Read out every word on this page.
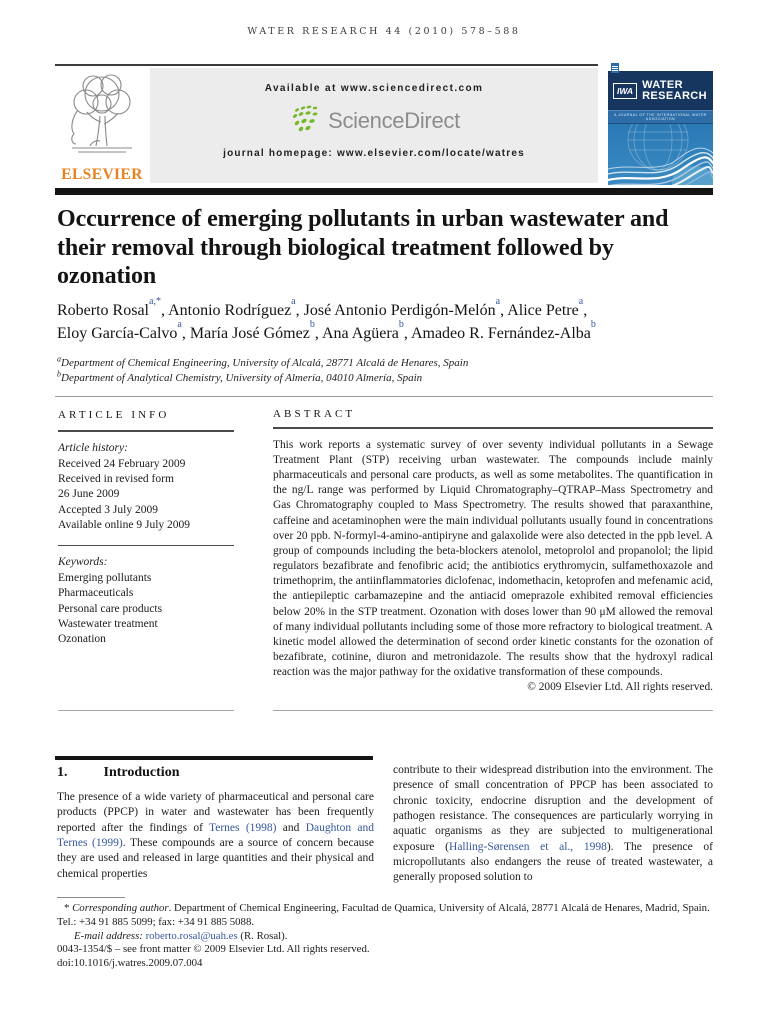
WATER RESEARCH 44 (2010) 578–588
ELSEVIER
Available at www.sciencedirect.com
ScienceDirect
journal homepage: www.elsevier.com/locate/watres
IWA
WATER
RESEARCH
A JOURNAL OF THE INTERNATIONAL WATER ASSOCIATION
Occurrence of emerging pollutants in urban wastewater and their removal through biological treatment followed by ozonation
Roberto Rosal$^{a,*}$, Antonio Rodríguez$^a$, José Antonio Perdigón-Melón$^a$, Alice Petre$^a$,
Eloy García-Calvo$^a$, María José Gómez$^b$, Ana Agüera$^b$, Amadeo R. Fernández-Alba$^b$
$^a$Department of Chemical Engineering, University of Alcalá, 28771 Alcalá de Henares, Spain
$^b$Department of Analytical Chemistry, University of Almería, 04010 Almería, Spain
ARTICLE INFO
Article history:
Received 24 February 2009
Received in revised form
26 June 2009
Accepted 3 July 2009
Available online 9 July 2009
Keywords:
Emerging pollutants
Pharmaceuticals
Personal care products
Wastewater treatment
Ozonation
ABSTRACT
This work reports a systematic survey of over seventy individual pollutants in a Sewage Treatment Plant (STP) receiving urban wastewater. The compounds include mainly pharmaceuticals and personal care products, as well as some metabolites. The quantification in the ng/L range was performed by Liquid Chromatography–QTRAP–Mass Spectrometry and Gas Chromatography coupled to Mass Spectrometry. The results showed that paraxanthine, caffeine and acetaminophen were the main individual pollutants usually found in concentrations over 20 ppb. N-formyl-4-amino-antipiryne and galaxolide were also detected in the ppb level. A group of compounds including the beta-blockers atenolol, metoprolol and propanolol; the lipid regulators bezafibrate and fenofibric acid; the antibiotics erythromycin, sulfamethoxazole and trimethoprim, the antiinflammatories diclofenac, indomethacin, ketoprofen and mefenamic acid, the antiepileptic carbamazepine and the antiacid omeprazole exhibited removal efficiencies below 20% in the STP treatment. Ozonation with doses lower than 90 μM allowed the removal of many individual pollutants including some of those more refractory to biological treatment. A kinetic model allowed the determination of second order kinetic constants for the ozonation of bezafibrate, cotinine, diuron and metronidazole. The results show that the hydroxyl radical reaction was the major pathway for the oxidative transformation of these compounds.
© 2009 Elsevier Ltd. All rights reserved.
1.	Introduction

The presence of a wide variety of pharmaceutical and personal care products (PPCP) in water and wastewater has been frequently reported after the findings of Ternes (1998) and Daughton and Ternes (1999). These compounds are a source of concern because they are used and released in large quantities and their physical and chemical properties

contribute to their widespread distribution into the environment. The presence of small concentration of PPCP has been associated to chronic toxicity, endocrine disruption and the development of pathogen resistance. The consequences are particularly worrying in aquatic organisms as they are subjected to multigenerational exposure (Halling-Sørensen et al., 1998). The presence of micropollutants also endangers the reuse of treated wastewater, a generally proposed solution to

* Corresponding author. Department of Chemical Engineering, Facultad de Quamica, University of Alcalá, 28771 Alcalá de Henares, Madrid, Spain. Tel.: +34 91 885 5099; fax: +34 91 885 5088.

E-mail address: roberto.rosal@uah.es (R. Rosal).

0043-1354/$ – see front matter © 2009 Elsevier Ltd. All rights reserved.

doi:10.1016/j.watres.2009.07.004
